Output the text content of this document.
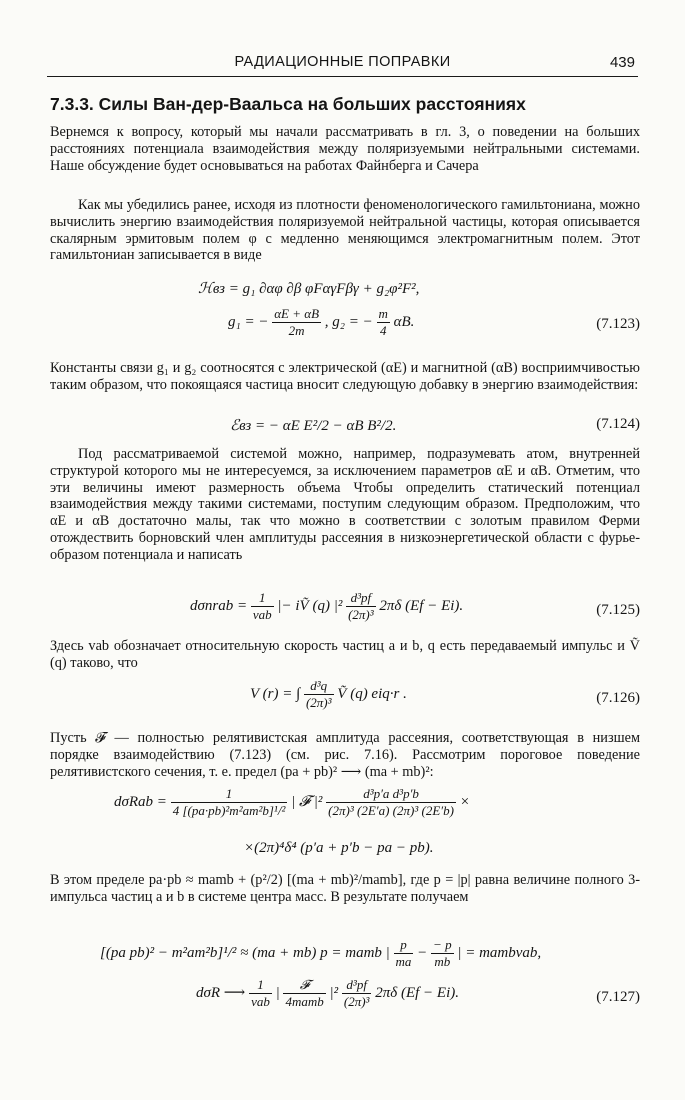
РАДИАЦИОННЫЕ ПОПРАВКИ	439
7.3.3. Силы Ван-дер-Ваальса на больших расстояниях
Вернемся к вопросу, который мы начали рассматривать в гл. 3, о поведении на больших расстояниях потенциала взаимодействия между поляризуемыми нейтральными системами. Наше обсуждение будет основываться на работах Файнберга и Сачера
Как мы убедились ранее, исходя из плотности феноменологического гамильтониана, можно вычислить энергию взаимодействия поляризуемой нейтральной частицы, которая описывается скалярным эрмитовым полем φ с медленно меняющимся электромагнитным полем. Этот гамильтониан записывается в виде
ℋвз = g₁ ∂αφ ∂β φFαγFβγ + g₂φ²F²,
g₁ = − $\frac{\alpha E + \alpha B}{2m}$ , g₂ = − $\frac{m}{4} \alpha B$.	(7.123)
Константы связи g₁ и g₂ соотносятся с электрической (αE) и магнитной (αB) восприимчивостью таким образом, что покоящаяся частица вносит следующую добавку в энергию взаимодействия:
ℰвз = − αE E²/2 − αB B²/2.	(7.124)
Под рассматриваемой системой можно, например, подразумевать атом, внутренней структурой которого мы не интересуемся, за исключением параметров αE и αB. Отметим, что эти величины имеют размерность объема Чтобы определить статический потенциал взаимодействия между такими системами, поступим следующим образом. Предположим, что αE и αB достаточно малы, так что можно в соответствии с золотым правилом Ферми отождествить борновский член амплитуды рассеяния в низкоэнергетической области с фурье-образом потенциала и написать
dσnrab = $\frac{1}{\text{vab}}$ |− iṼ (q) $|^2 \frac{\text{d³pf}}{\text{(2π)³}} 2\pi\delta$ (Ef − Ei).	(7.125)
Здесь vab обозначает относительную скорость частиц a и b, q есть передаваемый импульс и Ṽ (q) таково, что
V (r) = ∫ $\frac{\text{d³q}}{\text{(2π)³}}$ Ṽ (q) eiq·r .	(7.126)
Пусть 𝓕 — полностью релятивистская амплитуда рассеяния, соответствующая в низшем порядке взаимодействию (7.123) (см. рис. 7.16). Рассмотрим пороговое поведение релятивистского сечения, т. е. предел (pa + pb)² ⟶ (ma + mb)²:
$d\sigma Rab = \frac{1}{\text{4 [(pa·pb)²m²am²b]¹/²}}$ | 𝓕 $|^2 \frac{\text{d³p′a d³p′b}}{\text{(2π)³ (2E′a) (2π)³ (2E′b)}}$ ×
×(2π)⁴δ⁴ (p′a + p′b − pa − pb).
В этом пределе pa·pb ≈ mamb + (p²/2) [(ma + mb)²/mamb], где p = |p| равна величине полного 3-импульса частиц a и b в системе центра масс. В результате получаем
[(pa pb)² − m²am²b]¹/² ≈ (ma + mb) p = mamb | $\frac{p}{ma} - \frac{- p}{mb}$ | = mambvab,
dσR ⟶ $\frac{1}{\text{vab}}$ | $\frac{\text{𝓕}}{\text{4mamb}} |^2 \frac{\text{d³pf}}{\text{(2π)³}} 2\pi\delta$ (Ef − Ei).	(7.127)
